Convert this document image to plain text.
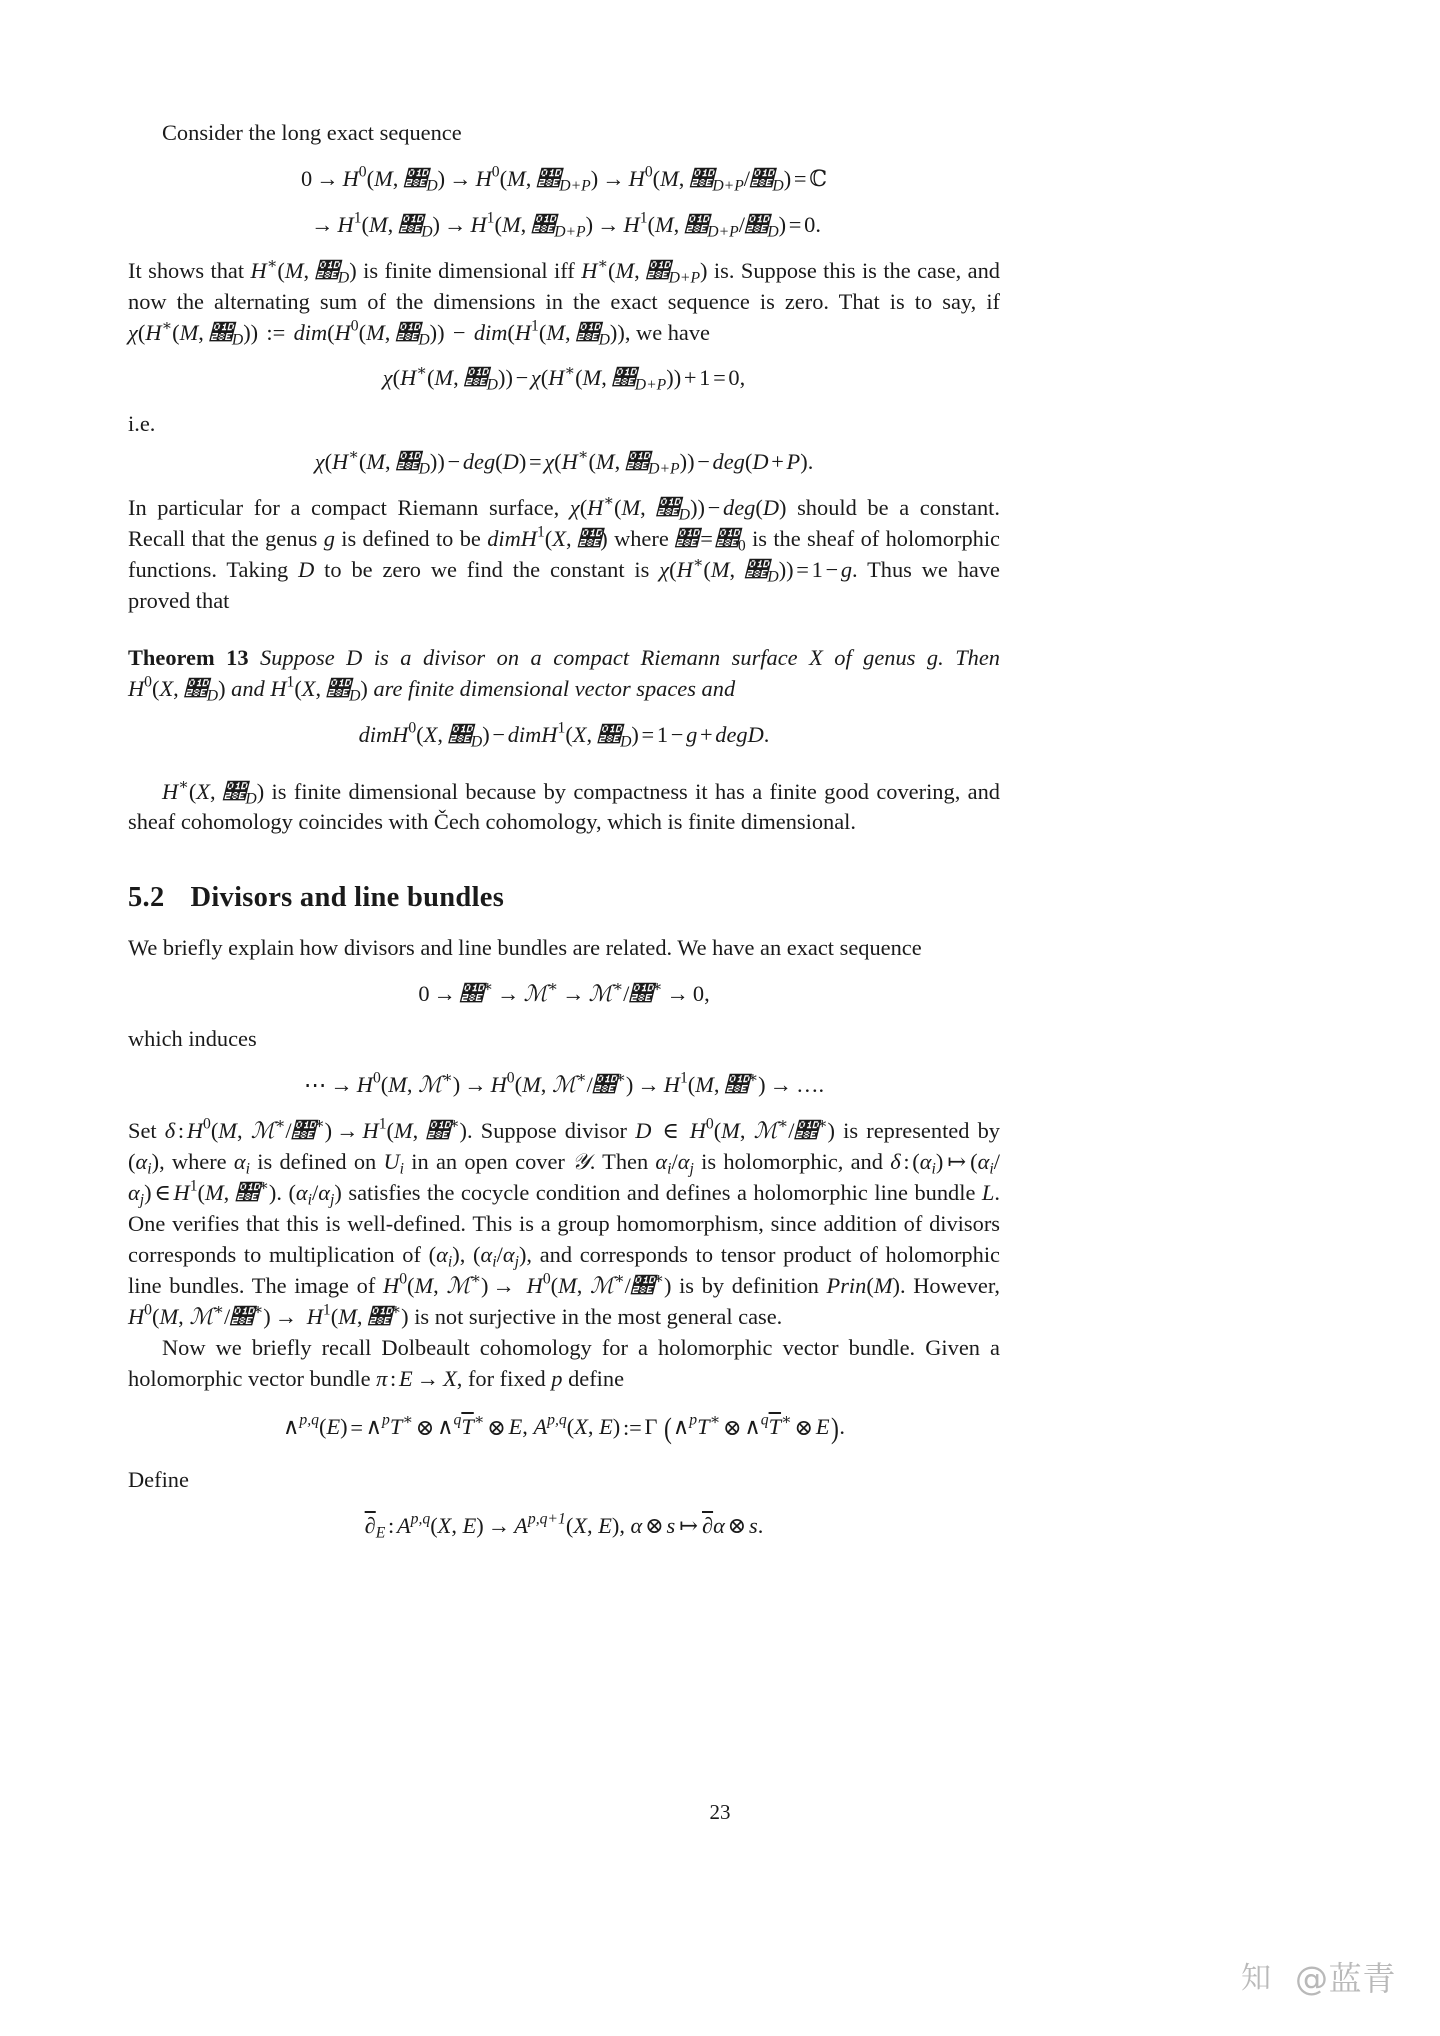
Consider the long exact sequence

$0 \to H^0(M$, $𝊎_D) \to H^0(M$, $𝊎_{D+P}) \to H^0(M$, $𝊎_{D+P}/𝊎_D$) = ℂ
→ $H^1(M$, $𝊎_D) \to H^1(M$, $𝊎_{D+P}) \to H^1(M$, $𝊎_{D+P}/𝊎_D) = 0$.

It shows that H∗(M, $𝊎_D$) is finite dimensional iff H∗(M, $𝊎_{D+P}$) is. Suppose this is the case, and now the alternating sum of the dimensions in the exact sequence is zero. That is to say, if χ(H∗(M, $𝊎_D$)) := $dim(H^0(M$, $𝊎_D)) - dim(H^1(M$, $𝊎_D$)), we have

χ(H∗(M, $𝊎_D)) - \chi(H^∗(M$, $𝊎_{D+P})) + 1 = 0$,

i.e.

χ(H∗(M, $𝊎_D)) - deg(D) = \chi(H^∗(M$, $𝊎_{D+P})) - deg(D + P)$.

In particular for a compact Riemann surface, χ(H∗(M, $𝊎_D)) - deg(D)$ should be a constant. Recall that the genus g is defined to be dimH$^1$(X, 𝊎) where 𝊎 = $𝊎_0$ is the sheaf of holomorphic functions. Taking D to be zero we find the constant is χ(H∗(M, $𝊎_D)) = 1 - g$. Thus we have proved that

Theorem 13 Suppose D is a divisor on a compact Riemann surface X of genus g. Then $H^0(X$, $𝊎_D$) and $H^1(X$, $𝊎_D$) are finite dimensional vector spaces and

dimH$^0$(X, $𝊎_D$) − dimH$^1$(X, $𝊎_D) = 1 - g$ + degD.

H∗(X, $𝊎_D$) is finite dimensional because by compactness it has a finite good covering, and sheaf cohomology coincides with Čech cohomology, which is finite dimensional.

5.2 Divisors and line bundles

We briefly explain how divisors and line bundles are related. We have an exact sequence

0 → 𝊎∗ → ℳ∗ → ℳ∗/𝊎∗ → 0,

which induces

⋯ → $H^0(M$, ℳ∗) → $H^0(M$, ℳ∗/𝊎∗) → $H^1(M$, 𝊎∗) → ….

Set δ : $H^0(M$, ℳ∗/𝊎∗) → $H^1(M$, 𝊎∗). Suppose divisor D ∈ $H^0(M$, ℳ∗/𝊎∗) is represented by $(\alpha_i)$, where $\alpha_i$ is defined on $U_i$ in an open cover 𝒴. Then $\alpha_i/\alpha_j$ is holomorphic, and δ : $(\alpha_i)$ ↦ $(\alpha_i/\alpha_j)$ ∈ $H^1(M$, 𝊎∗). $(\alpha_i/\alpha_j)$ satisfies the cocycle condition and defines a holomorphic line bundle L. One verifies that this is well-defined. This is a group homomorphism, since addition of divisors corresponds to multiplication of $(\alpha_i)$, $(\alpha_i/\alpha_j)$, and corresponds to tensor product of holomorphic line bundles. The image of $H^0(M$, ℳ∗) → $H^0(M$, ℳ∗/𝊎∗) is by definition Prin(M). However, $H^0(M$, ℳ∗/𝊎∗) → $H^1(M$, 𝊎∗) is not surjective in the most general case.

Now we briefly recall Dolbeault cohomology for a holomorphic vector bundle. Given a holomorphic vector bundle π : E → X, for fixed p define

∧$^{p,q}$(E) = ∧$^p$T∗ ⊗ $\wedge^q\overline{T}^∗$ ⊗ E, A$^{p,q}$(X, E) := Γ (∧$^p$T∗ ⊗ $\wedge^q\overline{T}^∗$ ⊗ E).

Define

$\partial_E$ : A$^{p,q}$(X, $E) \to A^{p,q+1}(X$, E), α ⊗ s ↦ ∂α ⊗ s.
23
知 @蓝青
